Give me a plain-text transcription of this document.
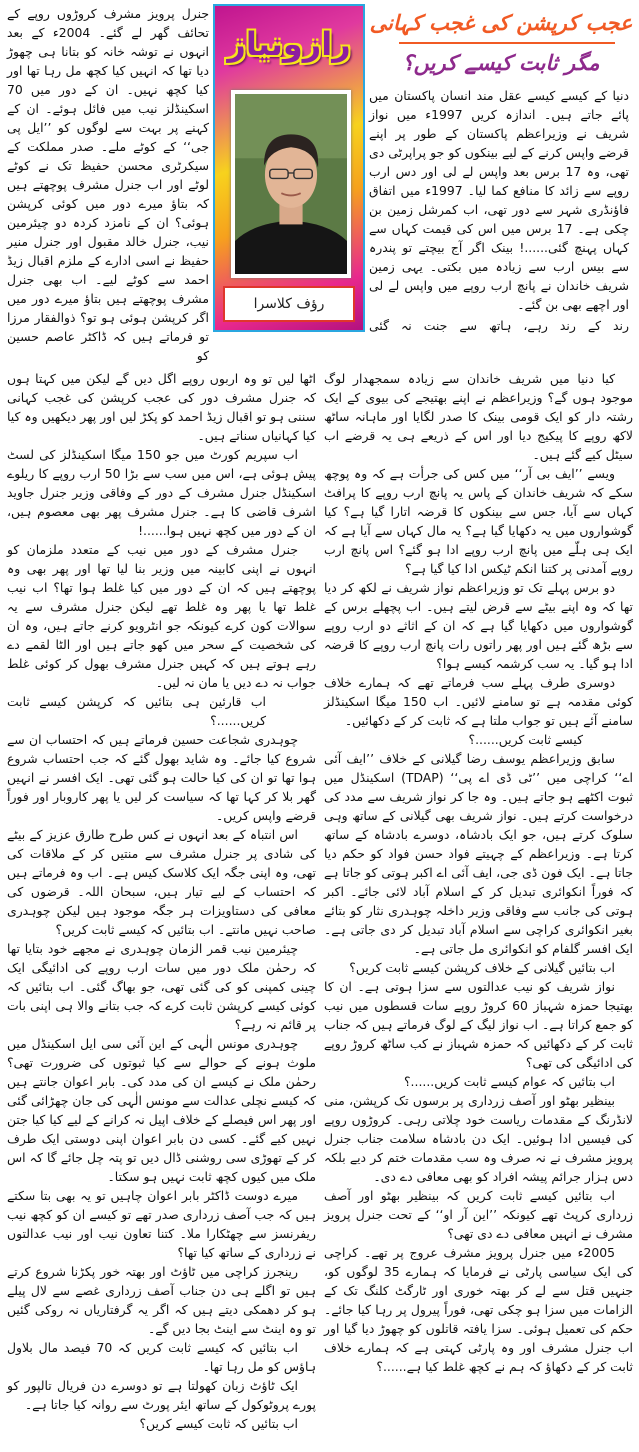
عجب کرپشن کی غجب کہانی
مگر ثابت کیسے کریں؟

دنیا کے کیسے کیسے عقل مند انسان پاکستان میں پائے جاتے ہیں۔ اندازہ کریں 1997ء میں نواز شریف نے وزیراعظم پاکستان کے طور پر اپنے قرضے واپس کرنے کے لیے بینکوں کو جو پراپرٹی دی تھی، وہ 17 برس بعد واپس لے لی اور دس ارب روپے سے زائد کا منافع کما لیا۔ 1997ء میں اتفاق فاؤنڈری شہر سے دور تھی، اب کمرشل زمین بن چکی ہے۔ 17 برس میں اس کی قیمت کہاں سے کہاں پہنچ گئی......! بینک اگر آج بیچتے تو پندرہ سے بیس ارب سے زیادہ میں بکتی۔ یہی زمین شریف خاندان نے پانچ ارب روپے میں واپس لے لی اور اچھے بھی بن گئے۔

رند کے رند رہے، ہاتھ سے جنت نہ گئی

رازونیاز
رؤف کلاسرا

جنرل پرویز مشرف کروڑوں روپے کے تحائف گھر لے گئے۔ 2004ء کے بعد انہوں نے توشہ خانہ کو بتانا ہی چھوڑ دیا تھا کہ انہیں کیا کچھ مل رہا تھا اور کیا کچھ نہیں۔ ان کے دور میں 70 اسکینڈلز نیب میں فائل ہوئے۔ ان کے کہنے پر بہت سے لوگوں کو ’’ایل پی جی‘‘ کے کوٹے ملے۔ صدر مملکت کے سیکرٹری محسن حفیظ تک نے کوٹے لوٹے اور اب جنرل مشرف پوچھتے ہیں کہ بتاؤ میرے دور میں کوئی کرپشن ہوئی؟ ان کے نامزد کردہ دو چیئرمین نیب، جنرل خالد مقبول اور جنرل منیر حفیظ نے اسی ادارے کے ملزم اقبال زیڈ احمد سے کوٹے لیے۔ اب بھی جنرل مشرف پوچھتے ہیں بتاؤ میرے دور میں اگر کرپشن ہوئی ہو تو؟ ذوالفقار مرزا تو فرماتے ہیں کہ ڈاکٹر عاصم حسین کو

کیا دنیا میں شریف خاندان سے زیادہ سمجھدار لوگ موجود ہوں گے؟ وزیراعظم نے اپنے بھتیجے کی بیوی کے ایک رشتہ دار کو ایک قومی بینک کا صدر لگایا اور ماہانہ ساٹھ لاکھ روپے کا پیکیج دیا اور اس کے ذریعے ہی یہ قرضے اب سیٹل کیے گئے ہیں۔

ویسے ’’ایف بی آر‘‘ میں کس کی جرأت ہے کہ وہ پوچھ سکے کہ شریف خاندان کے پاس یہ پانچ ارب روپے کا پرافٹ کہاں سے آیا، جس سے بینکوں کا قرضہ اتارا گیا ہے؟ کیا گوشواروں میں یہ دکھایا گیا ہے؟ یہ مال کہاں سے آیا ہے کہ ایک ہی ہلّے میں پانچ ارب روپے ادا ہو گئے؟ اس پانچ ارب روپے آمدنی پر کتنا انکم ٹیکس ادا کیا گیا ہے؟

دو برس پہلے تک تو وزیراعظم نواز شریف نے لکھ کر دیا تھا کہ وہ اپنے بیٹے سے قرض لیتے ہیں۔ اب پچھلے برس کے گوشواروں میں دکھایا گیا ہے کہ ان کے اثاثے دو ارب روپے سے بڑھ گئے ہیں اور پھر راتوں رات پانچ ارب روپے کا قرضہ ادا ہو گیا۔ یہ سب کرشمہ کیسے ہوا؟

دوسری طرف پہلے سب فرماتے تھے کہ ہمارے خلاف کوئی مقدمہ ہے تو سامنے لائیں۔ اب 150 میگا اسکینڈلز سامنے آئے ہیں تو جواب ملتا ہے کہ ثابت کر کے دکھائیں۔

کیسے ثابت کریں......؟

سابق وزیراعظم یوسف رضا گیلانی کے خلاف ’’ایف آئی اے‘‘ کراچی میں ’’ٹی ڈی اے پی‘‘ (TDAP) اسکینڈل میں ثبوت اکٹھے ہو جاتے ہیں۔ وہ جا کر نواز شریف سے مدد کی درخواست کرتے ہیں۔ نواز شریف بھی گیلانی کے ساتھ وہی سلوک کرتے ہیں، جو ایک بادشاہ، دوسرے بادشاہ کے ساتھ کرتا ہے۔ وزیراعظم کے چہیتے فواد حسن فواد کو حکم دیا جاتا ہے۔ ایک فون ڈی جی، ایف آئی اے اکبر ہوتی کو جاتا ہے کہ فوراً انکوائری تبدیل کر کے اسلام آباد لائی جائے۔ اکبر ہوتی کی جانب سے وفاقی وزیر داخلہ چوہدری نثار کو بتائے بغیر انکوائری کراچی سے اسلام آباد تبدیل کر دی جاتی ہے۔ ایک افسر گلفام کو انکوائری مل جاتی ہے۔

اب بتائیں گیلانی کے خلاف کرپشن کیسے ثابت کریں؟

نواز شریف کو نیب عدالتوں سے سزا ہوتی ہے۔ ان کا بھتیجا حمزہ شہباز 60 کروڑ روپے سات قسطوں میں نیب کو جمع کراتا ہے۔ اب نواز لیگ کے لوگ فرماتے ہیں کہ جناب ثابت کر کے دکھائیں کہ حمزہ شہباز نے کب ساٹھ کروڑ روپے کی ادائیگی کی تھی؟

اب بتائیں کہ عوام کیسے ثابت کریں......؟

بینظیر بھٹو اور آصف زرداری پر برسوں تک کرپشن، منی لانڈرنگ کے مقدمات ریاست خود چلاتی رہی۔ کروڑوں روپے کی فیسیں ادا ہوئیں۔ ایک دن بادشاہ سلامت جناب جنرل پرویز مشرف نے نہ صرف وہ سب مقدمات ختم کر دیے بلکہ دس ہزار جرائم پیشہ افراد کو بھی معافی دے دی۔

اب بتائیں کیسے ثابت کریں کہ بینظیر بھٹو اور آصف زرداری کرپٹ تھے کیونکہ ’’این آر او‘‘ کے تحت جنرل پرویز مشرف نے انہیں معافی دے دی تھی؟

2005ء میں جنرل پرویز مشرف عروج پر تھے۔ کراچی کی ایک سیاسی پارٹی نے فرمایا کہ ہمارے 35 لوگوں کو، جنہیں قتل سے لے کر بھتہ خوری اور ٹارگٹ کلنگ تک کے الزامات میں سزا ہو چکی تھی، فوراً پیرول پر رہا کیا جائے۔ حکم کی تعمیل ہوئی۔ سزا یافتہ قاتلوں کو چھوڑ دیا گیا اور اب جنرل مشرف اور وہ پارٹی کہتی ہے کہ ہمارے خلاف ثابت کر کے دکھاؤ کہ ہم نے کچھ غلط کیا ہے......؟

اٹھا لیں تو وہ اربوں روپے اگل دیں گے لیکن میں کہتا ہوں کہ جنرل مشرف دور کی عجب کرپشن کی غجب کہانی سننی ہو تو اقبال زیڈ احمد کو پکڑ لیں اور پھر دیکھیں وہ کیا کیا کہانیاں سناتے ہیں۔

اب سپریم کورٹ میں جو 150 میگا اسکینڈلز کی لسٹ پیش ہوئی ہے، اس میں سب سے بڑا 50 ارب روپے کا ریلوے اسکینڈل جنرل مشرف کے دور کے وفاقی وزیر جنرل جاوید اشرف قاضی کا ہے۔ جنرل مشرف پھر بھی معصوم ہیں، ان کے دور میں کچھ نہیں ہوا......!

جنرل مشرف کے دور میں نیب کے متعدد ملزمان کو انہوں نے اپنی کابینہ میں وزیر بنا لیا تھا اور پھر بھی وہ پوچھتے ہیں کہ ان کے دور میں کیا غلط ہوا تھا؟ اب نیب غلط تھا یا پھر وہ غلط تھے لیکن جنرل مشرف سے یہ سوالات کون کرے کیونکہ جو انٹرویو کرنے جاتے ہیں، وہ ان کی شخصیت کے سحر میں کھو جاتے ہیں اور الٹا لقمے دے رہے ہوتے ہیں کہ کہیں جنرل مشرف بھول کر کوئی غلط جواب نہ دے دیں یا مان نہ لیں۔

اب قارئین ہی بتائیں کہ کرپشن کیسے ثابت کریں......؟

چوہدری شجاعت حسین فرماتے ہیں کہ احتساب ان سے شروع کیا جائے۔ وہ شاید بھول گئے کہ جب احتساب شروع ہوا تھا تو ان کی کیا حالت ہو گئی تھی۔ ایک افسر نے انہیں گھر بلا کر کہا تھا کہ سیاست کر لیں یا پھر کاروبار اور فوراً قرضے واپس کریں۔

اس انتباہ کے بعد انہوں نے کس طرح طارق عزیز کے بیٹے کی شادی پر جنرل مشرف سے منتیں کر کے ملاقات کی تھی، وہ اپنی جگہ ایک کلاسک کیس ہے۔ اب وہ فرماتے ہیں کہ احتساب کے لیے تیار ہیں، سبحان اللہ۔ قرضوں کی معافی کی دستاویزات ہر جگہ موجود ہیں لیکن چوہدری صاحب نہیں مانتے۔ اب بتائیں کہ کیسے ثابت کریں؟

چیئرمین نیب قمر الزمان چوہدری نے مجھے خود بتایا تھا کہ رحمٰن ملک دور میں سات ارب روپے کی ادائیگی ایک چینی کمپنی کو کی گئی تھی، جو بھاگ گئی۔ اب بتائیں کہ کوئی کیسے کرپشن ثابت کرے کہ جب بتانے والا ہی اپنی بات پر قائم نہ رہے؟

چوہدری مونس الٰہی کے این آئی سی ایل اسکینڈل میں ملوث ہونے کے حوالے سے کیا ثبوتوں کی ضرورت تھی؟ رحمٰن ملک نے کیسے ان کی مدد کی۔ بابر اعوان جانتے ہیں کہ کیسے نچلی عدالت سے مونس الٰہی کی جان چھڑائی گئی اور پھر اس فیصلے کے خلاف اپیل نہ کرانے کے لیے کیا کیا جتن نہیں کیے گئے۔ کسی دن بابر اعوان اپنی دوستی ایک طرف کر کے تھوڑی سی روشنی ڈال دیں تو پتہ چل جائے گا کہ اس ملک میں کیوں کچھ ثابت نہیں ہو سکتا۔

میرے دوست ڈاکٹر بابر اعوان چاہیں تو یہ بھی بتا سکتے ہیں کہ جب آصف زرداری صدر تھے تو کیسے ان کو کچھ نیب ریفرنسز سے چھٹکارا ملا۔ کتنا تعاون نیب اور نیب عدالتوں نے زرداری کے ساتھ کیا تھا؟

رینجرز کراچی میں ٹاؤٹ اور بھتہ خور پکڑنا شروع کرتے ہیں تو اگلے ہی دن جناب آصف زرداری غصے سے لال پیلے ہو کر دھمکی دیتے ہیں کہ اگر یہ گرفتاریاں نہ روکی گئیں تو وہ اینٹ سے اینٹ بجا دیں گے۔

اب بتائیں کہ کیسے ثابت کریں کہ 70 فیصد مال بلاول ہاؤس کو مل رہا تھا۔

ایک ٹاؤٹ زبان کھولتا ہے تو دوسرے دن فریال تالپور کو پورے پروٹوکول کے ساتھ ایئر پورٹ سے روانہ کیا جاتا ہے۔

اب بتائیں کہ ثابت کیسے کریں؟
